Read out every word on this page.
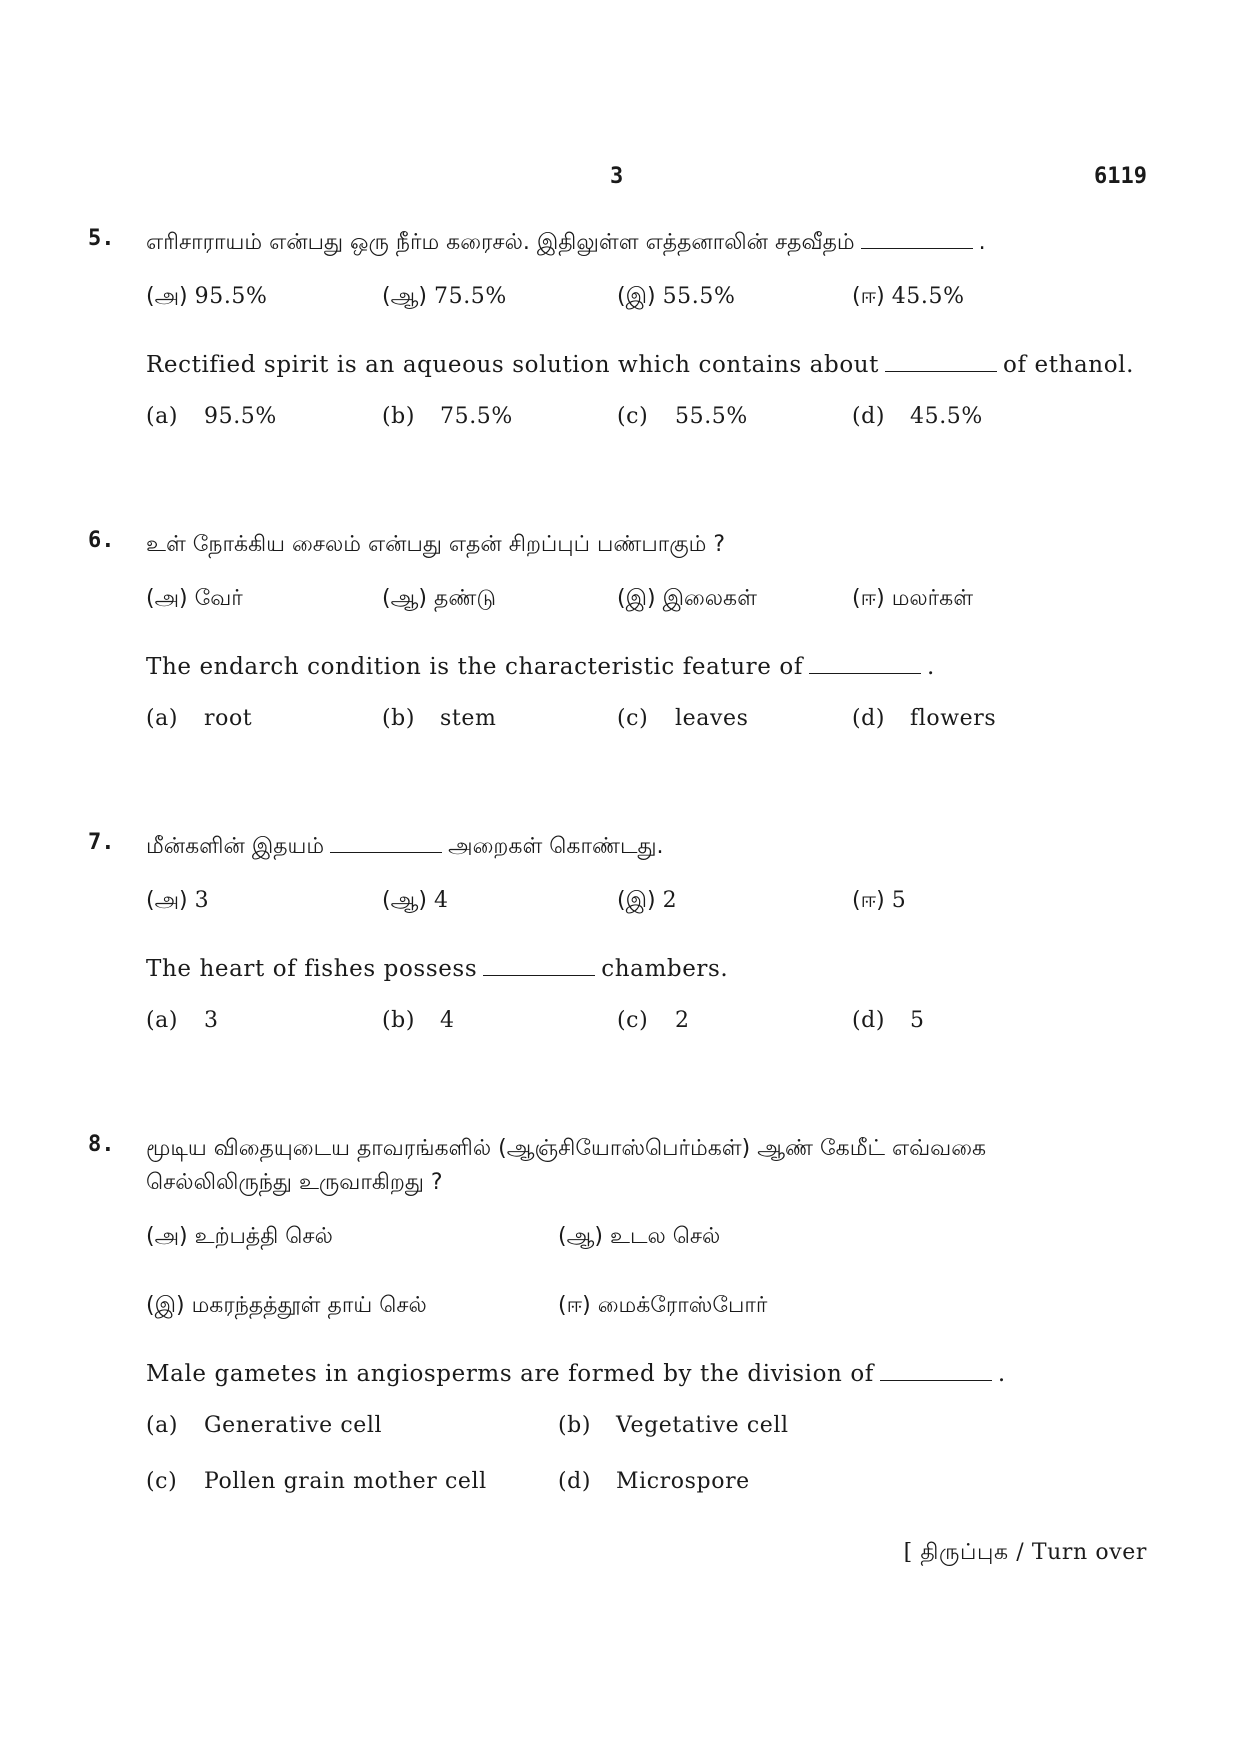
3	6119
5. எரிசாராயம் என்பது ஒரு நீர்ம கரைசல். இதிலுள்ள எத்தனாலின் சதவீதம்	.
(அ) 95.5%	(ஆ) 75.5%	(இ) 55.5%	(ஈ) 45.5%
Rectified spirit is an aqueous solution which contains about	of ethanol.
(a) 95.5%	(b) 75.5%	(c) 55.5%	(d) 45.5%
6. உள் நோக்கிய சைலம் என்பது எதன் சிறப்புப் பண்பாகும் ?
(அ) வேர்	(ஆ) தண்டு	(இ) இலைகள்	(ஈ) மலர்கள்
The endarch condition is the characteristic feature of	.
(a) root	(b) stem	(c) leaves	(d) flowers
7. மீன்களின் இதயம்	அறைகள் கொண்டது.
(அ) 3	(ஆ) 4	(இ) 2	(ஈ) 5
The heart of fishes possess	chambers.
(a) 3	(b) 4	(c) 2	(d) 5
8. மூடிய விதையுடைய தாவரங்களில் (ஆஞ்சியோஸ்பெர்ம்கள்) ஆண் கேமீட் எவ்வகை
செல்லிலிருந்து உருவாகிறது ?
(அ) உற்பத்தி செல்	(ஆ) உடல செல்
(இ) மகரந்தத்தூள் தாய் செல்	(ஈ) மைக்ரோஸ்போர்
Male gametes in angiosperms are formed by the division of	.
(a) Generative cell	(b) Vegetative cell
(c) Pollen grain mother cell	(d) Microspore
[ திருப்புக / Turn over
